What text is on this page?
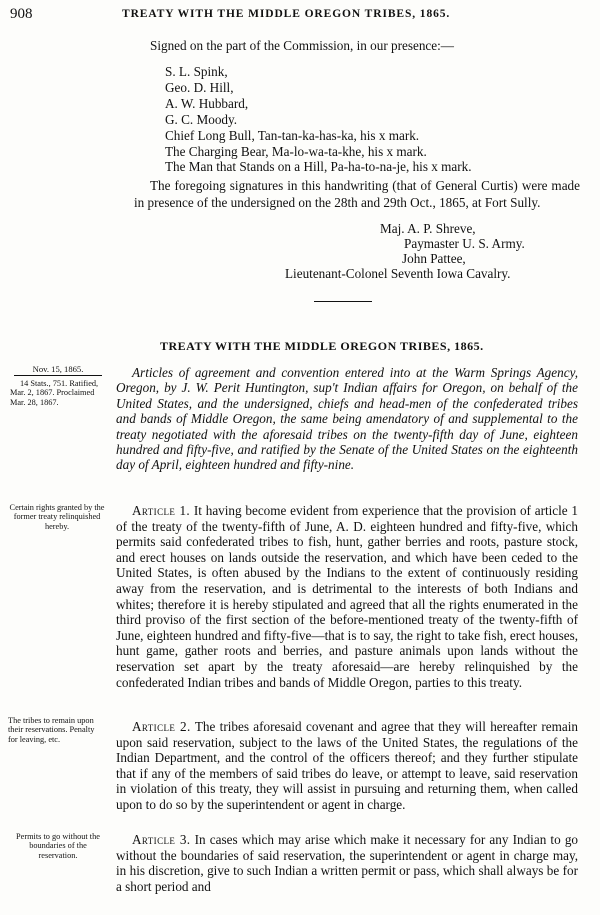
908	TREATY WITH THE MIDDLE OREGON TRIBES, 1865.

Signed on the part of the Commission, in our presence:—

S. L. Spink,
Geo. D. Hill,
A. W. Hubbard,
G. C. Moody.
Chief Long Bull, Tan-tan-ka-has-ka, his x mark.
The Charging Bear, Ma-lo-wa-ta-khe, his x mark.
The Man that Stands on a Hill, Pa-ha-to-na-je, his x mark.

The foregoing signatures in this handwriting (that of General Curtis) were made in presence of the undersigned on the 28th and 29th Oct., 1865, at Fort Sully.

Maj. A. P. Shreve,
Paymaster U. S. Army.
John Pattee,
Lieutenant-Colonel Seventh Iowa Cavalry.
TREATY WITH THE MIDDLE OREGON TRIBES, 1865.

Nov. 15, 1865.

14 Stats., 751. Ratified, Mar. 2, 1867. Proclaimed Mar. 28, 1867.

Certain rights granted by the former treaty relinquished hereby.

The tribes to remain upon their reservations. Penalty for leaving, etc.

Permits to go without the boundaries of the reservation.

Articles of agreement and convention entered into at the Warm Springs Agency, Oregon, by J. W. Perit Huntington, sup't Indian affairs for Oregon, on behalf of the United States, and the undersigned, chiefs and head-men of the confederated tribes and bands of Middle Oregon, the same being amendatory of and supplemental to the treaty negotiated with the aforesaid tribes on the twenty-fifth day of June, eighteen hundred and fifty-five, and ratified by the Senate of the United States on the eighteenth day of April, eighteen hundred and fifty-nine.

Article 1. It having become evident from experience that the provision of article 1 of the treaty of the twenty-fifth of June, A. D. eighteen hundred and fifty-five, which permits said confederated tribes to fish, hunt, gather berries and roots, pasture stock, and erect houses on lands outside the reservation, and which have been ceded to the United States, is often abused by the Indians to the extent of continuously residing away from the reservation, and is detrimental to the interests of both Indians and whites; therefore it is hereby stipulated and agreed that all the rights enumerated in the third proviso of the first section of the before-mentioned treaty of the twenty-fifth of June, eighteen hundred and fifty-five—that is to say, the right to take fish, erect houses, hunt game, gather roots and berries, and pasture animals upon lands without the reservation set apart by the treaty aforesaid—are hereby relinquished by the confederated Indian tribes and bands of Middle Oregon, parties to this treaty.

Article 2. The tribes aforesaid covenant and agree that they will hereafter remain upon said reservation, subject to the laws of the United States, the regulations of the Indian Department, and the control of the officers thereof; and they further stipulate that if any of the members of said tribes do leave, or attempt to leave, said reservation in violation of this treaty, they will assist in pursuing and returning them, when called upon to do so by the superintendent or agent in charge.

Article 3. In cases which may arise which make it necessary for any Indian to go without the boundaries of said reservation, the superintendent or agent in charge may, in his discretion, give to such Indian a written permit or pass, which shall always be for a short period and
